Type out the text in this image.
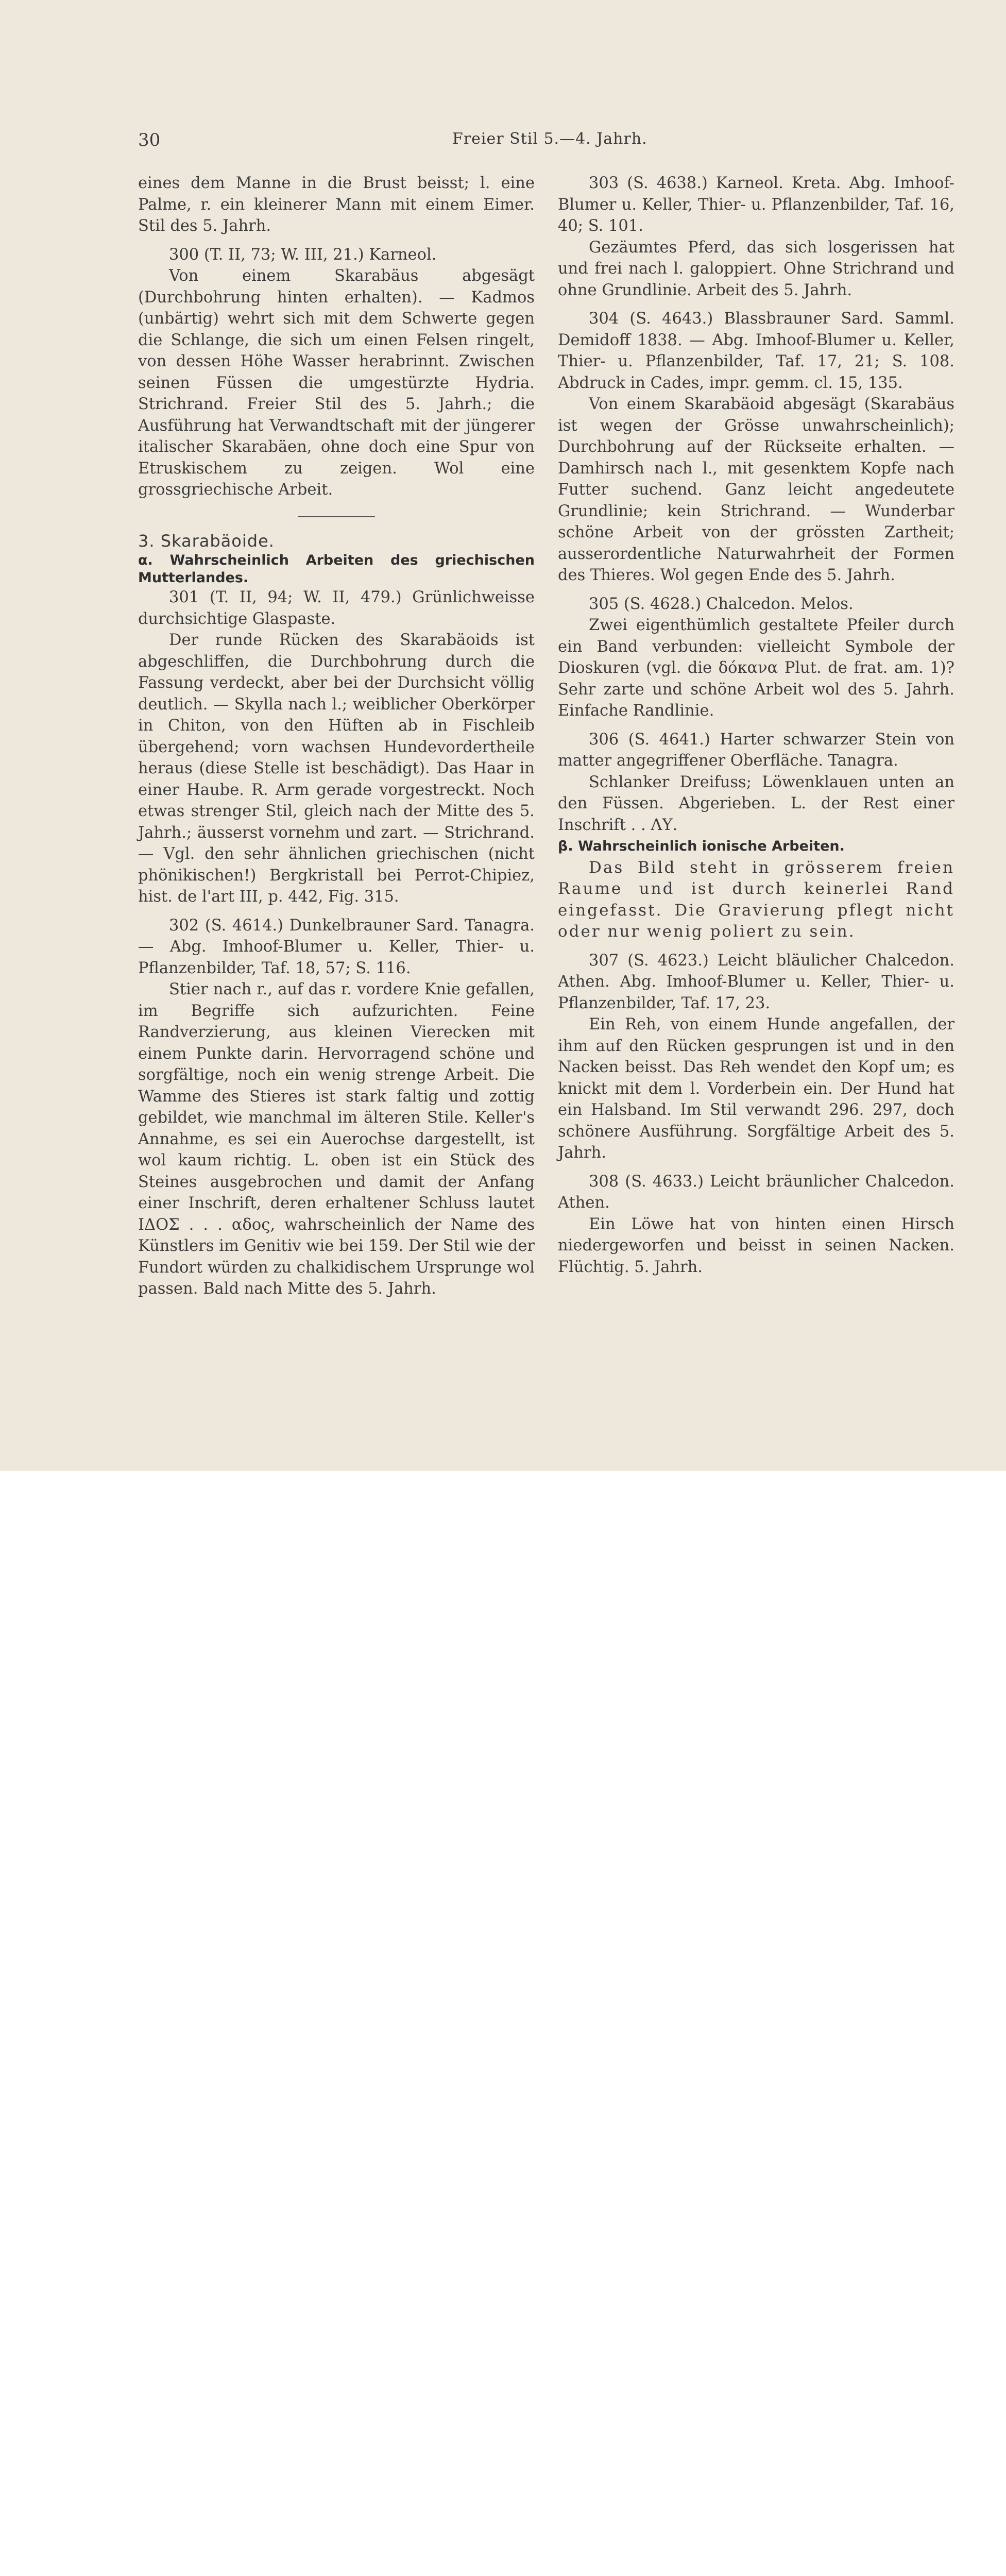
30	Freier Stil 5.—4. Jahrh.

eines dem Manne in die Brust beisst; l. eine Palme, r. ein kleinerer Mann mit einem Eimer. Stil des 5. Jahrh.

300 (T. II, 73; W. III, 21.) Karneol.

Von einem Skarabäus abgesägt (Durchbohrung hinten erhalten). — Kadmos (unbärtig) wehrt sich mit dem Schwerte gegen die Schlange, die sich um einen Felsen ringelt, von dessen Höhe Wasser herabrinnt. Zwischen seinen Füssen die umgestürzte Hydria. Strichrand. Freier Stil des 5. Jahrh.; die Ausführung hat Verwandtschaft mit der jüngerer italischer Skarabäen, ohne doch eine Spur von Etruskischem zu zeigen. Wol eine grossgriechische Arbeit.

3. Skarabäoide.

α. Wahrscheinlich Arbeiten des griechischen Mutterlandes.

301 (T. II, 94; W. II, 479.) Grünlichweisse durchsichtige Glaspaste.

Der runde Rücken des Skarabäoids ist abgeschliffen, die Durchbohrung durch die Fassung verdeckt, aber bei der Durchsicht völlig deutlich. — Skylla nach l.; weiblicher Oberkörper in Chiton, von den Hüften ab in Fischleib übergehend; vorn wachsen Hundevordertheile heraus (diese Stelle ist beschädigt). Das Haar in einer Haube. R. Arm gerade vorgestreckt. Noch etwas strenger Stil, gleich nach der Mitte des 5. Jahrh.; äusserst vornehm und zart. — Strichrand. — Vgl. den sehr ähnlichen griechischen (nicht phönikischen!) Bergkristall bei Perrot-Chipiez, hist. de l'art III, p. 442, Fig. 315.

302 (S. 4614.) Dunkelbrauner Sard. Tanagra. — Abg. Imhoof-Blumer u. Keller, Thier- u. Pflanzenbilder, Taf. 18, 57; S. 116.

Stier nach r., auf das r. vordere Knie gefallen, im Begriffe sich aufzurichten. Feine Randverzierung, aus kleinen Vierecken mit einem Punkte darin. Hervorragend schöne und sorgfältige, noch ein wenig strenge Arbeit. Die Wamme des Stieres ist stark faltig und zottig gebildet, wie manchmal im älteren Stile. Keller's Annahme, es sei ein Auerochse dargestellt, ist wol kaum richtig. L. oben ist ein Stück des Steines ausgebrochen und damit der Anfang einer Inschrift, deren erhaltener Schluss lautet ΙΔΟΣ . . . αδος, wahrscheinlich der Name des Künstlers im Genitiv wie bei 159. Der Stil wie der Fundort würden zu chalkidischem Ursprunge wol passen. Bald nach Mitte des 5. Jahrh.

303 (S. 4638.) Karneol. Kreta. Abg. Imhoof-Blumer u. Keller, Thier- u. Pflanzenbilder, Taf. 16, 40; S. 101.

Gezäumtes Pferd, das sich losgerissen hat und frei nach l. galoppiert. Ohne Strichrand und ohne Grundlinie. Arbeit des 5. Jahrh.

304 (S. 4643.) Blassbrauner Sard. Samml. Demidoff 1838. — Abg. Imhoof-Blumer u. Keller, Thier- u. Pflanzenbilder, Taf. 17, 21; S. 108. Abdruck in Cades, impr. gemm. cl. 15, 135.

Von einem Skarabäoid abgesägt (Skarabäus ist wegen der Grösse unwahrscheinlich); Durchbohrung auf der Rückseite erhalten. — Damhirsch nach l., mit gesenktem Kopfe nach Futter suchend. Ganz leicht angedeutete Grundlinie; kein Strichrand. — Wunderbar schöne Arbeit von der grössten Zartheit; ausserordentliche Naturwahrheit der Formen des Thieres. Wol gegen Ende des 5. Jahrh.

305 (S. 4628.) Chalcedon. Melos.

Zwei eigenthümlich gestaltete Pfeiler durch ein Band verbunden: vielleicht Symbole der Dioskuren (vgl. die δόκανα Plut. de frat. am. 1)? Sehr zarte und schöne Arbeit wol des 5. Jahrh. Einfache Randlinie.

306 (S. 4641.) Harter schwarzer Stein von matter angegriffener Oberfläche. Tanagra.

Schlanker Dreifuss; Löwenklauen unten an den Füssen. Abgerieben. L. der Rest einer Inschrift . . ΛΥ.

β. Wahrscheinlich ionische Arbeiten.

Das Bild steht in grösserem freien Raume und ist durch keinerlei Rand eingefasst. Die Gravierung pflegt nicht oder nur wenig poliert zu sein.

307 (S. 4623.) Leicht bläulicher Chalcedon. Athen. Abg. Imhoof-Blumer u. Keller, Thier- u. Pflanzenbilder, Taf. 17, 23.

Ein Reh, von einem Hunde angefallen, der ihm auf den Rücken gesprungen ist und in den Nacken beisst. Das Reh wendet den Kopf um; es knickt mit dem l. Vorderbein ein. Der Hund hat ein Halsband. Im Stil verwandt 296. 297, doch schönere Ausführung. Sorgfältige Arbeit des 5. Jahrh.

308 (S. 4633.) Leicht bräunlicher Chalcedon. Athen.

Ein Löwe hat von hinten einen Hirsch niedergeworfen und beisst in seinen Nacken. Flüchtig. 5. Jahrh.
